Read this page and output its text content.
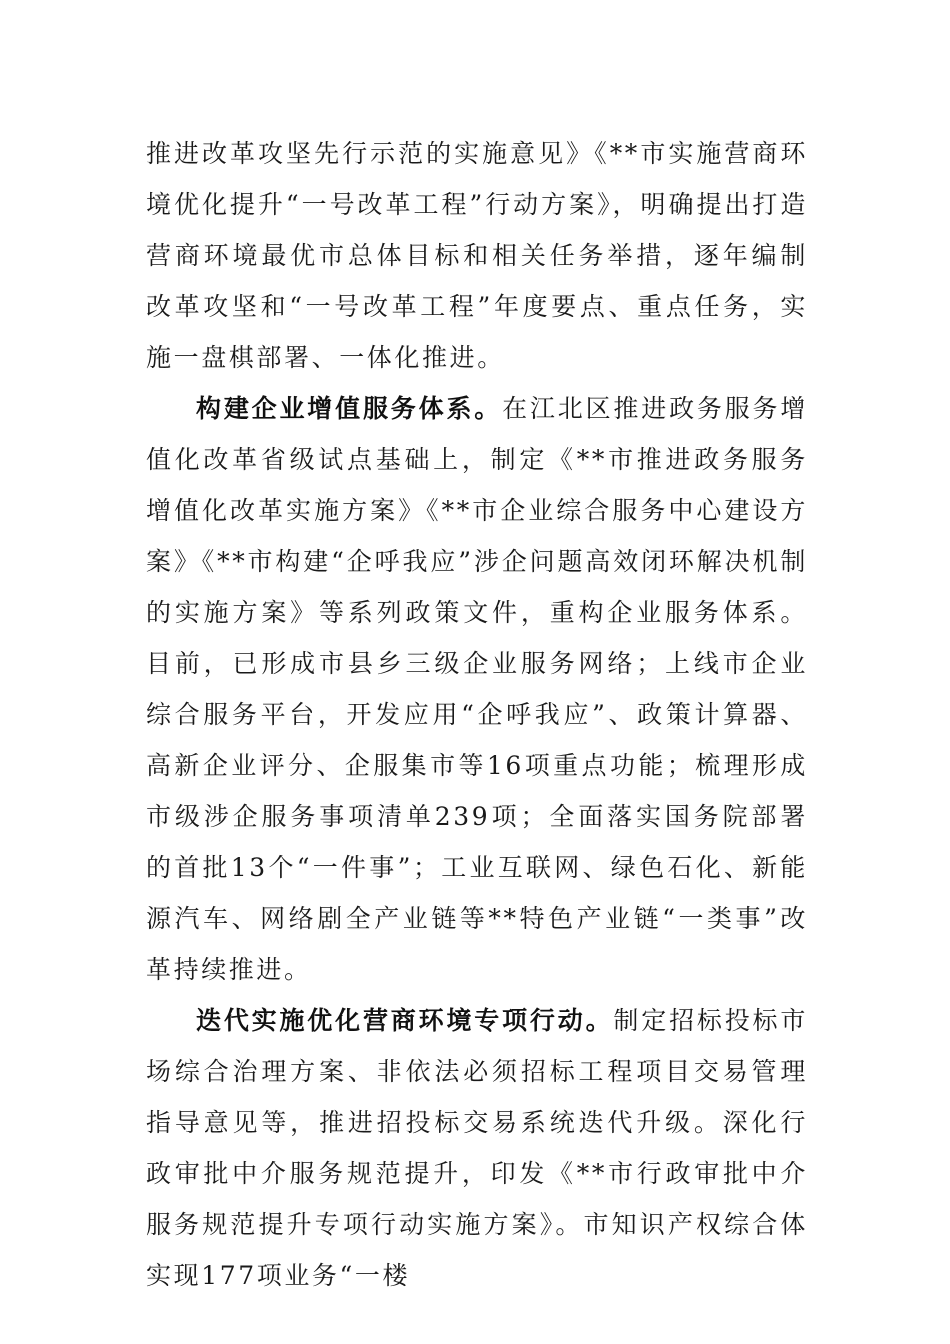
推进改革攻坚先行示范的实施意见》《**市实施营商环境优化提升“一号改革工程”行动方案》，明确提出打造营商环境最优市总体目标和相关任务举措，逐年编制改革攻坚和“一号改革工程”年度要点、重点任务，实施一盘棋部署、一体化推进。

构建企业增值服务体系。在江北区推进政务服务增值化改革省级试点基础上，制定《**市推进政务服务增值化改革实施方案》《**市企业综合服务中心建设方案》《**市构建“企呼我应”涉企问题高效闭环解决机制的实施方案》等系列政策文件，重构企业服务体系。目前，已形成市县乡三级企业服务网络；上线市企业综合服务平台，开发应用“企呼我应”、政策计算器、高新企业评分、企服集市等16项重点功能；梳理形成市级涉企服务事项清单239项；全面落实国务院部署的首批13个“一件事”；工业互联网、绿色石化、新能源汽车、网络剧全产业链等**特色产业链“一类事”改革持续推进。

迭代实施优化营商环境专项行动。制定招标投标市场综合治理方案、非依法必须招标工程项目交易管理指导意见等，推进招投标交易系统迭代升级。深化行政审批中介服务规范提升，印发《**市行政审批中介服务规范提升专项行动实施方案》。市知识产权综合体实现177项业务“一楼
